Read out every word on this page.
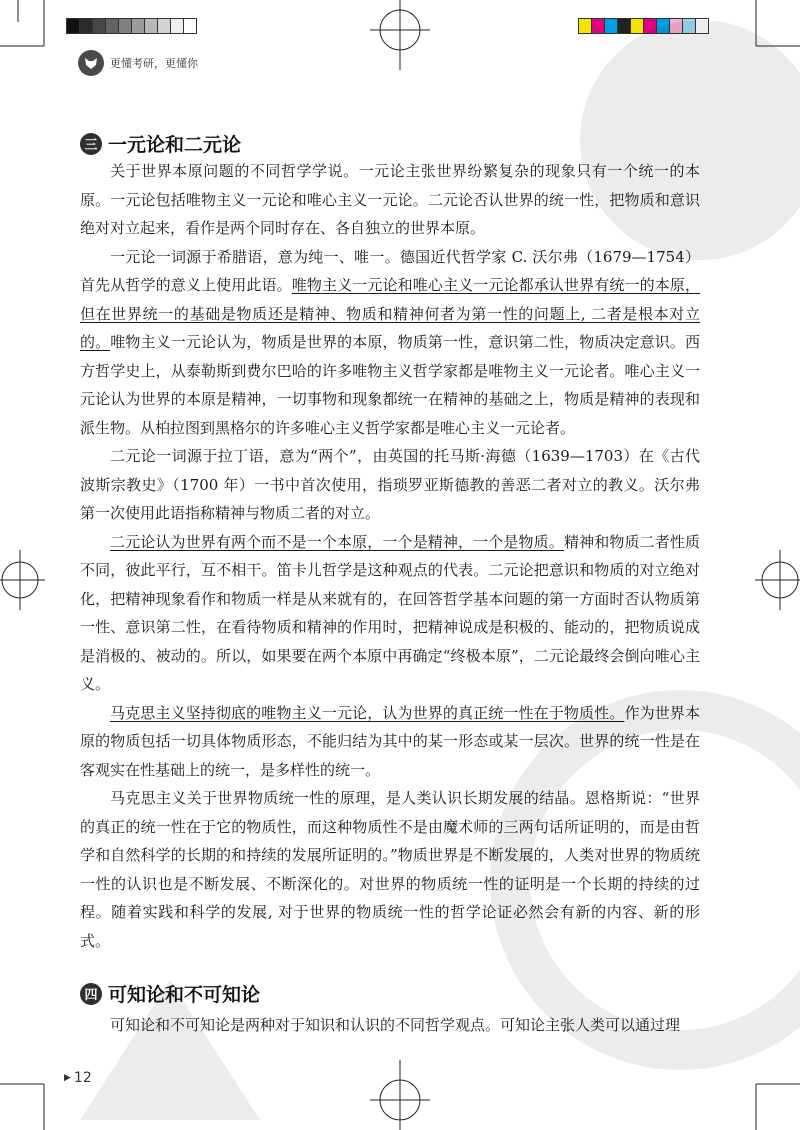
更懂考研，更懂你
三 一元论和二元论

关于世界本原问题的不同哲学学说。一元论主张世界纷繁复杂的现象只有一个统一的本原。一元论包括唯物主义一元论和唯心主义一元论。二元论否认世界的统一性，把物质和意识绝对对立起来，看作是两个同时存在、各自独立的世界本原。

一元论一词源于希腊语，意为纯一、唯一。德国近代哲学家 C. 沃尔弗（1679—1754）首先从哲学的意义上使用此语。唯物主义一元论和唯心主义一元论都承认世界有统一的本原，但在世界统一的基础是物质还是精神、物质和精神何者为第一性的问题上, 二者是根本对立的。唯物主义一元论认为，物质是世界的本原，物质第一性，意识第二性，物质决定意识。西方哲学史上，从泰勒斯到费尔巴哈的许多唯物主义哲学家都是唯物主义一元论者。唯心主义一元论认为世界的本原是精神，一切事物和现象都统一在精神的基础之上，物质是精神的表现和派生物。从柏拉图到黑格尔的许多唯心主义哲学家都是唯心主义一元论者。

二元论一词源于拉丁语，意为“两个”，由英国的托马斯·海德（1639—1703）在《古代波斯宗教史》（1700 年）一书中首次使用，指琐罗亚斯德教的善恶二者对立的教义。沃尔弗第一次使用此语指称精神与物质二者的对立。

二元论认为世界有两个而不是一个本原，一个是精神，一个是物质。精神和物质二者性质不同，彼此平行，互不相干。笛卡儿哲学是这种观点的代表。二元论把意识和物质的对立绝对化，把精神现象看作和物质一样是从来就有的，在回答哲学基本问题的第一方面时否认物质第一性、意识第二性，在看待物质和精神的作用时，把精神说成是积极的、能动的，把物质说成是消极的、被动的。所以，如果要在两个本原中再确定“终极本原”，二元论最终会倒向唯心主义。

马克思主义坚持彻底的唯物主义一元论，认为世界的真正统一性在于物质性。作为世界本原的物质包括一切具体物质形态，不能归结为其中的某一形态或某一层次。世界的统一性是在客观实在性基础上的统一，是多样性的统一。

马克思主义关于世界物质统一性的原理，是人类认识长期发展的结晶。恩格斯说：“世界的真正的统一性在于它的物质性，而这种物质性不是由魔术师的三两句话所证明的，而是由哲学和自然科学的长期的和持续的发展所证明的。”物质世界是不断发展的，人类对世界的物质统一性的认识也是不断发展、不断深化的。对世界的物质统一性的证明是一个长期的持续的过程。随着实践和科学的发展, 对于世界的物质统一性的哲学论证必然会有新的内容、新的形式。

四 可知论和不可知论

可知论和不可知论是两种对于知识和认识的不同哲学观点。可知论主张人类可以通过理

▶ 12
